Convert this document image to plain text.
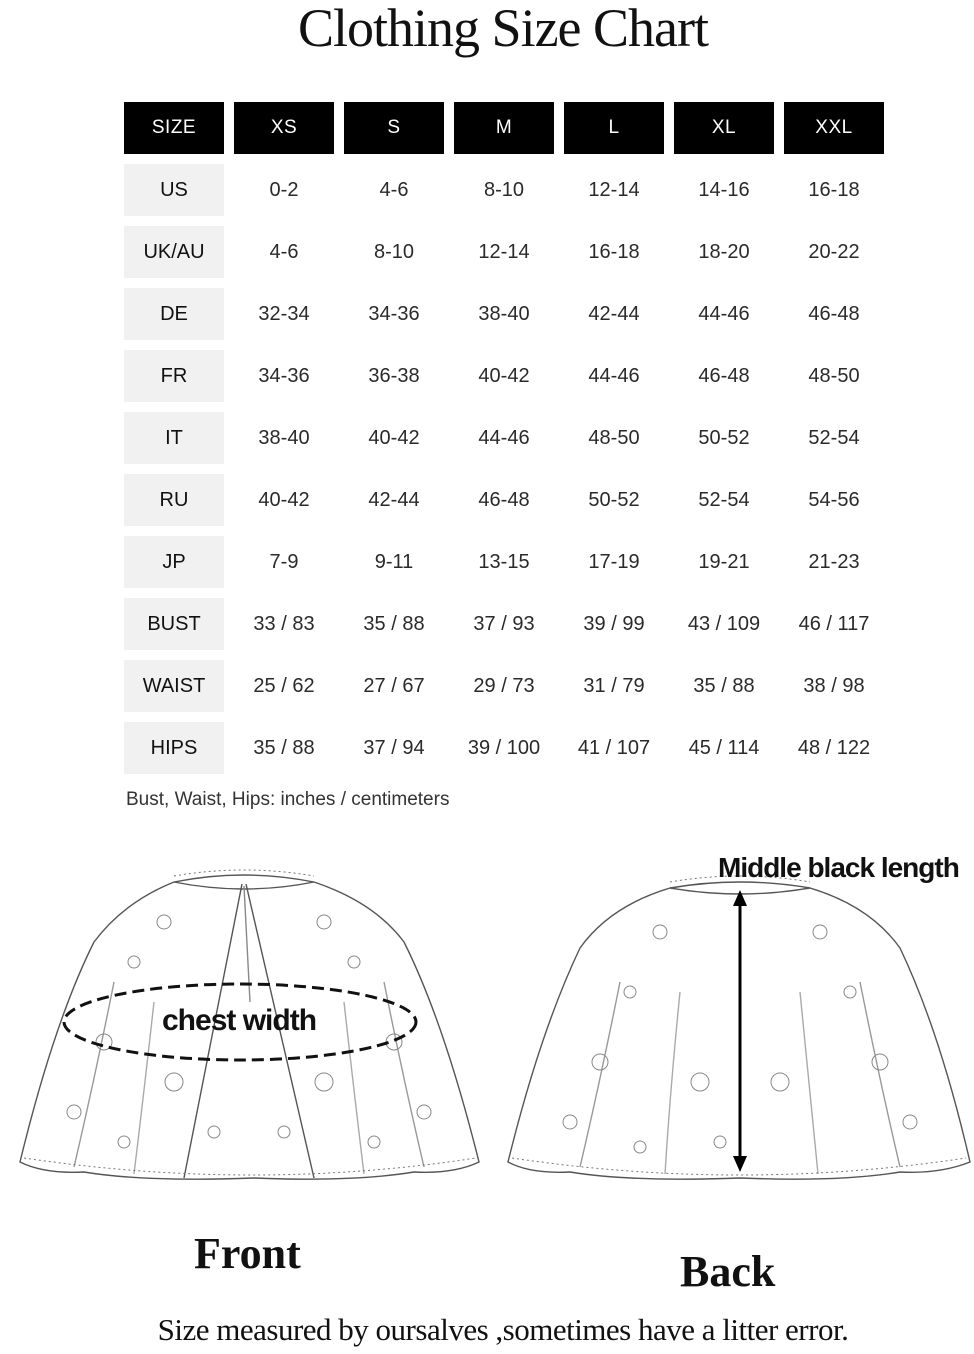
Clothing Size Chart
SIZE	XS	S	M	L	XL	XXL
US	0-2	4-6	8-10	12-14	14-16	16-18
UK/AU	4-6	8-10	12-14	16-18	18-20	20-22
DE	32-34	34-36	38-40	42-44	44-46	46-48
FR	34-36	36-38	40-42	44-46	46-48	48-50
IT	38-40	40-42	44-46	48-50	50-52	52-54
RU	40-42	42-44	46-48	50-52	52-54	54-56
JP	7-9	9-11	13-15	17-19	19-21	21-23
BUST	33 / 83	35 / 88	37 / 93	39 / 99	43 / 109	46 / 117
WAIST	25 / 62	27 / 67	29 / 73	31 / 79	35 / 88	38 / 98
HIPS	35 / 88	37 / 94	39 / 100	41 / 107	45 / 114	48 / 122
Bust, Waist, Hips: inches / centimeters
chest width
Middle black length
Front	Back
Size measured by oursalves ,sometimes have a litter error.
